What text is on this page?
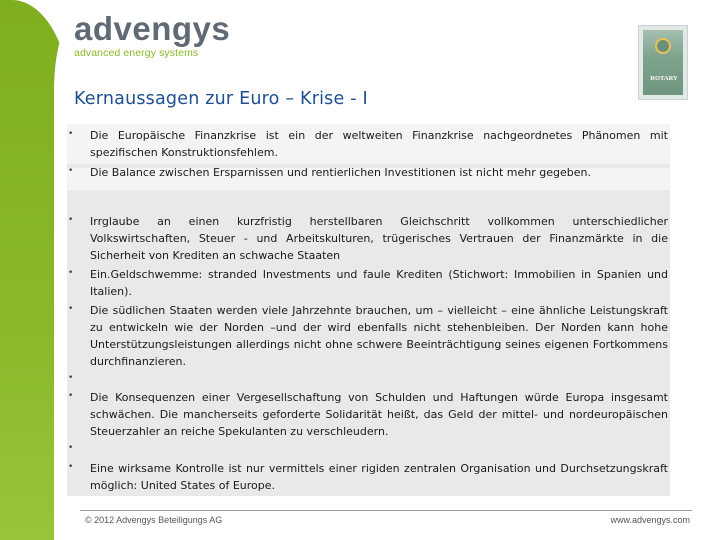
advengys
advanced energy systems
ROTARY
Kernaussagen zur Euro – Krise - I
• Die Europäische Finanzkrise ist ein der weltweiten Finanzkrise nachgeordnetes Phänomen mit spezifischen Konstruktionsfehlem.
• Die Balance zwischen Ersparnissen und rentierlichen Investitionen ist nicht mehr gegeben.
• Irrglaube an einen kurzfristig herstellbaren Gleichschritt vollkommen unterschiedlicher Volkswirtschaften, Steuer - und Arbeitskulturen, trügerisches Vertrauen der Finanzmärkte in die Sicherheit von Krediten an schwache Staaten
• Ein.Geldschwemme: stranded Investments und faule Krediten (Stichwort: Immobilien in Spanien und Italien).
• Die südlichen Staaten werden viele Jahrzehnte brauchen, um – vielleicht – eine ähnliche Leistungskraft zu entwickeln wie der Norden –und der wird ebenfalls nicht stehenbleiben. Der Norden kann hohe Unterstützungsleistungen allerdings nicht ohne schwere Beeinträchtigung seines eigenen Fortkommens durchfinanzieren.
•
• Die Konsequenzen einer Vergesellschaftung von Schulden und Haftungen würde Europa insgesamt schwächen. Die mancherseits geforderte Solidarität heißt, das Geld der mittel- und nordeuropäischen Steuerzahler an reiche Spekulanten zu verschleudern.
•
• Eine wirksame Kontrolle ist nur vermittels einer rigiden zentralen Organisation und Durchsetzungskraft möglich: United States of Europe.
© 2012 Advengys Beteiligungs AG	www.advengys.com
